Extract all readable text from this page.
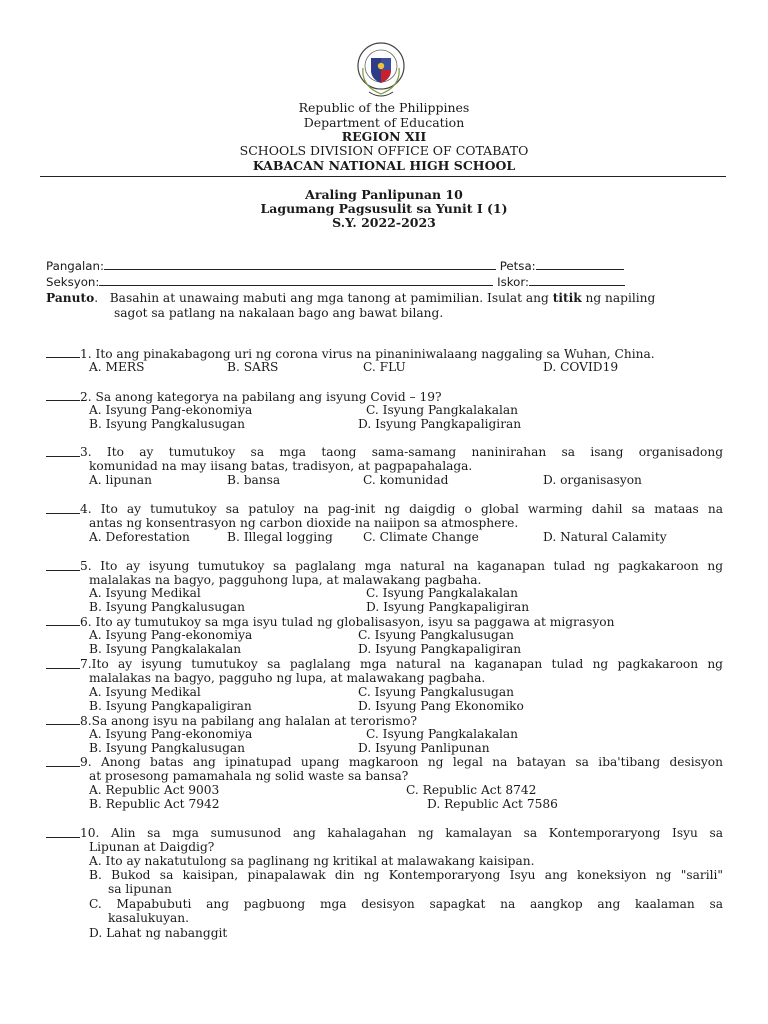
Republic of the Philippines
Department of Education
REGION XII
SCHOOLS DIVISION OFFICE OF COTABATO
KABACAN NATIONAL HIGH SCHOOL
Araling Panlipunan 10
Lagumang Pagsusulit sa Yunit I (1)
S.Y. 2022-2023
Pangalan:	Petsa:
Seksyon:	Iskor:
Panuto.   Basahin at unawaing mabuti ang mga tanong at pamimilian. Isulat ang titik ng napiling
sagot sa patlang na nakalaan bago ang bawat bilang.
1. Ito ang pinakabagong uri ng corona virus na pinaniniwalaang naggaling sa Wuhan, China.
A. MERS	B. SARS	C. FLU	D. COVID19
2. Sa anong kategorya na pabilang ang isyung Covid – 19?
A. Isyung Pang-ekonomiya	C. Isyung Pangkalakalan
B. Isyung Pangkalusugan	D. Isyung Pangkapaligiran
3. Ito ay tumutukoy sa mga taong sama-samang naninirahan sa isang organisadong
komunidad na may iisang batas, tradisyon, at pagpapahalaga.
A. lipunan	B. bansa	C. komunidad	D. organisasyon
4. Ito ay tumutukoy sa patuloy na pag-init ng daigdig o global warming dahil sa mataas na
antas ng konsentrasyon ng carbon dioxide na naiipon sa atmosphere.
A. Deforestation	B. Illegal logging C. Climate Change	D. Natural Calamity
5. Ito ay isyung tumutukoy sa paglalang mga natural na kaganapan tulad ng pagkakaroon ng
malalakas na bagyo, pagguhong lupa, at malawakang pagbaha.
A. Isyung Medikal	C. Isyung Pangkalakalan
B. Isyung Pangkalusugan	D. Isyung Pangkapaligiran
6. Ito ay tumutukoy sa mga isyu tulad ng globalisasyon, isyu sa paggawa at migrasyon
A. Isyung Pang-ekonomiya	C. Isyung Pangkalusugan
B. Isyung Pangkalakalan	D. Isyung Pangkapaligiran
7.Ito ay isyung tumutukoy sa paglalang mga natural na kaganapan tulad ng pagkakaroon ng
malalakas na bagyo, pagguho ng lupa, at malawakang pagbaha.
A. Isyung Medikal	C. Isyung Pangkalusugan
B. Isyung Pangkapaligiran	D. Isyung Pang Ekonomiko
8.Sa anong isyu na pabilang ang halalan at terorismo?
A. Isyung Pang-ekonomiya	C. Isyung Pangkalakalan
B. Isyung Pangkalusugan	D. Isyung Panlipunan
9. Anong batas ang ipinatupad upang magkaroon ng legal na batayan sa iba'tibang desisyon
at prosesong pamamahala ng solid waste sa bansa?
A. Republic Act 9003	C. Republic Act 8742
B. Republic Act 7942	D. Republic Act 7586
10. Alin sa mga sumusunod ang kahalagahan ng kamalayan sa Kontemporaryong Isyu sa
Lipunan at Daigdig?
A. Ito ay nakatutulong sa paglinang ng kritikal at malawakang kaisipan.
B. Bukod sa kaisipan, pinapalawak din ng Kontemporaryong Isyu ang koneksiyon ng "sarili"
sa lipunan
C. Mapabubuti ang pagbuong mga desisyon sapagkat na aangkop ang kaalaman sa
kasalukuyan.
D. Lahat ng nabanggit
